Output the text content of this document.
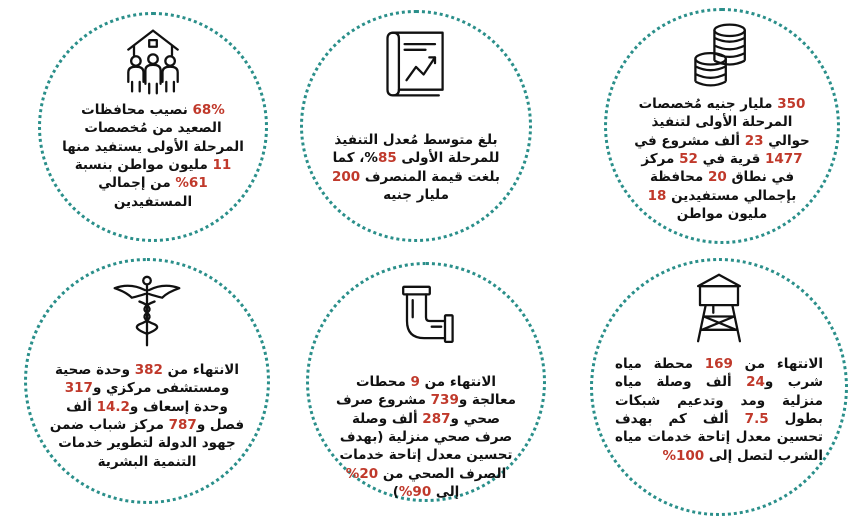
68% نصيب محافظات الصعيد من مُخصصات المرحلة الأولى يستفيد منها 11 مليون مواطن بنسبة 61% من إجمالي المستفيدين
بلغ متوسط مُعدل التنفيذ للمرحلة الأولى 85%، كما بلغت قيمة المنصرف 200 مليار جنيه
350 مليار جنيه مُخصصات المرحلة الأولى لتنفيذ حوالي 23 ألف مشروع في 1477 قرية في 52 مركز في نطاق 20 محافظة بإجمالي مستفيدين 18 مليون مواطن
الانتهاء من 382 وحدة صحية ومستشفى مركزي و317 وحدة إسعاف و14.2 ألف فصل و787 مركز شباب ضمن جهود الدولة لتطوير خدمات التنمية البشرية
الانتهاء من 9 محطات معالجة و739 مشروع صرف صحي و287 ألف وصلة صرف صحي منزلية (بهدف تحسين معدل إتاحة خدمات الصرف الصحي من 20% إلى 90%)
الانتهاء من 169 محطة مياه شرب و24 ألف وصلة مياه منزلية ومد وتدعيم شبكات بطول 7.5 ألف كم بهدف تحسين معدل إتاحة خدمات مياه الشرب لتصل إلى 100%
